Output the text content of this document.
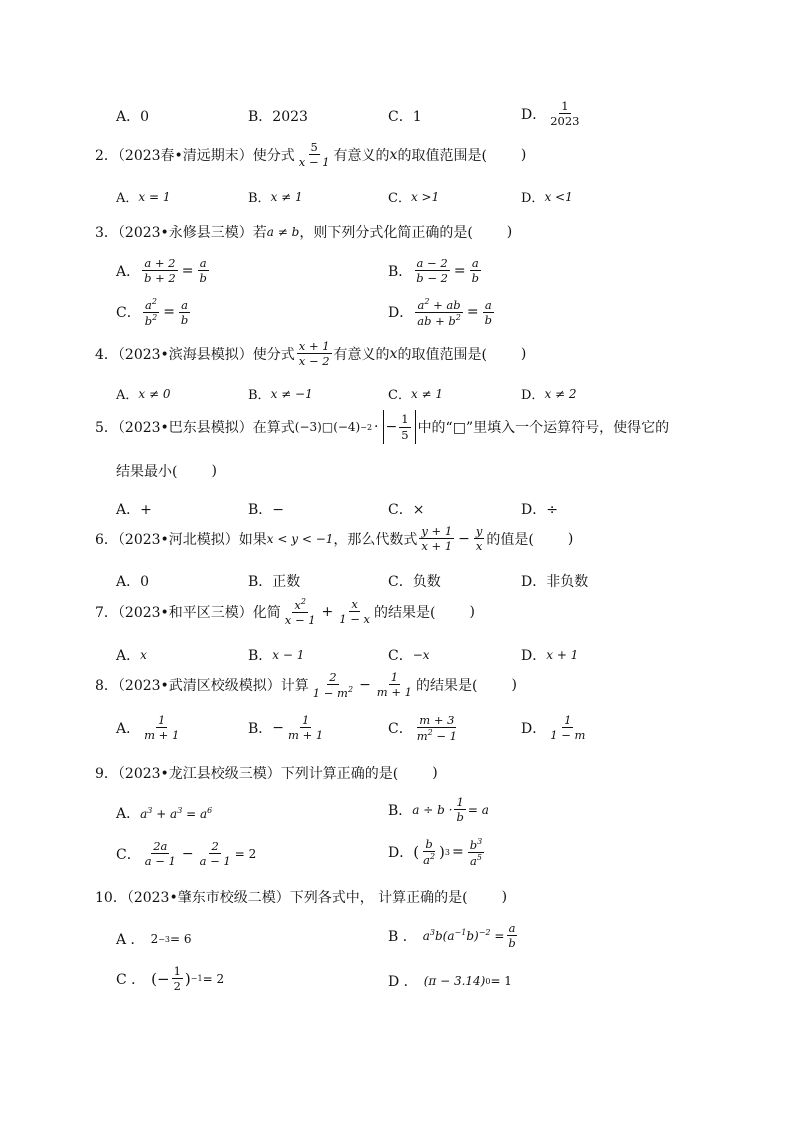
A．0	B．2023	C．1	D．
1
2023
2．（2023春•清远期末）使分式
5
x − 1 有意义的 x 的取值范围是( )
A． x = 1	B． x ≠ 1	C． x >1	D． x <1
3．（2023•永修县三模）若 a ≠ b ，则下列分式化简正确的是( )
A． $\frac{a + 2}{b + 2} = \frac{a}{b}$	B． $\frac{a - 2}{b - 2} = \frac{a}{b}$
C． $\frac{a^2}{b^2} = \frac{a}{b}$	D． $\frac{a^2 + ab}{ab + b^2} = \frac{a}{b}$
4．（2023•滨海县模拟）使分式
x + 1
x − 2 有意义的 x 的取值范围是( )
A． x ≠ 0	B． x ≠ −1	C． x ≠ 1	D． x ≠ 2
5．（2023•巴东县模拟）在算式 (−3)□(−4) −2 · − $\frac{1}{5}$ 中的“□”里填入一个运算符号，使得它的
结果最小( )
A．+	B．−	C．×	D．÷
6．（2023•河北模拟）如果 x < y < −1 ，那么代数式
y + 1
$x + 1 - \frac{y}{x}$ 的值是( )
A．0	B．正数	C．负数	D．非负数
7．（2023•和平区三模）化简
$x^2$
$x - 1 + \frac{x}{1 - x}$ 的结果是( )
A． x	B． x − 1	C． −x	D． x + 1
8．（2023•武清区校级模拟）计算
2
$1 - m^2 - \frac{1}{m + 1}$ 的结果是( )
A．
1
m + 1	B． − $\frac{1}{m + 1}$	C．
m + 3
$m^2 - 1$	D．
1
1 − m
9．（2023•龙江县校级三模）下列计算正确的是( )
A． $a^3 + a^3 = a^6$	B． $a \div b \cdot \frac{1}{b} = a$
C．
2a
$a - 1 - \frac{2}{a - 1} = 2$	D． ( b
$a^2$ ) $3 = \frac{b^3}{a^5}$
10．（2023•肇东市校级二模）下列各式中， 计算正确的是( )
A ． 2 −3 = 6	B ． $a^3b(a^{-1}b)^{-2} = \frac{a}{b}$
C ． (− $\frac{1}{2}$ ) −1 = 2	D ． (π − 3.14) 0 = 1
